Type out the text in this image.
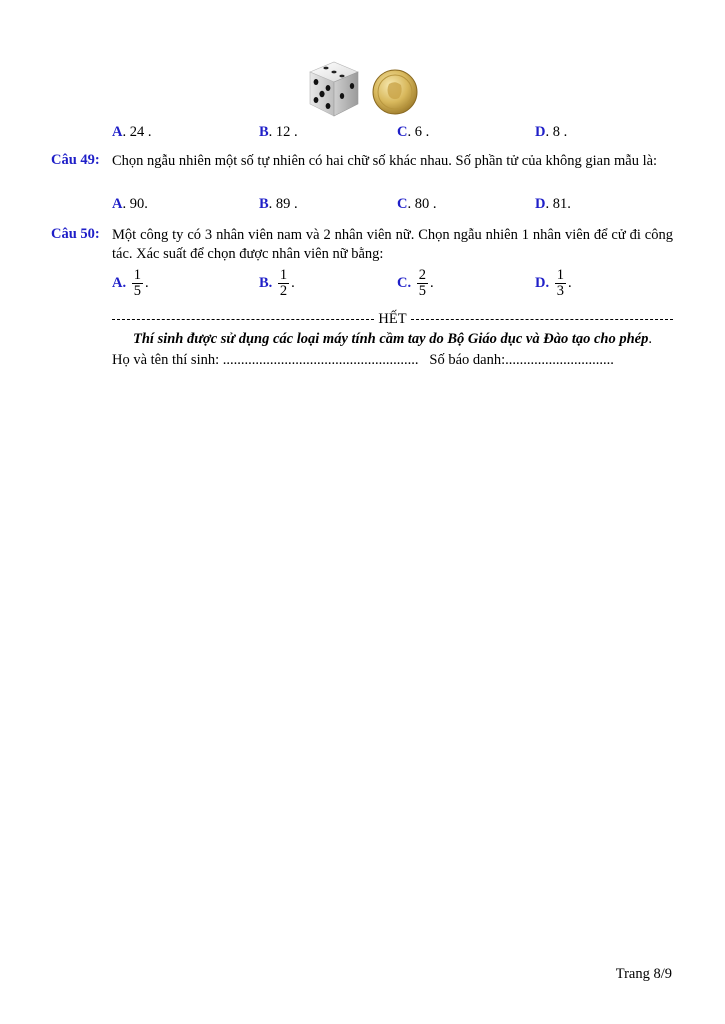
A. 24 .	B. 12 .	C. 6 .	D. 8 .
Câu 49: Chọn ngẫu nhiên một số tự nhiên có hai chữ số khác nhau. Số phần tử của không gian mẫu là:
A. 90.	B. 89 .	C. 80 .	D. 81.
Câu 50: Một công ty có 3 nhân viên nam và 2 nhân viên nữ. Chọn ngẫu nhiên 1 nhân viên để cử đi công tác. Xác suất để chọn được nhân viên nữ bằng:
A. $\frac{1}{5}$ .	B. $\frac{1}{2}$ .	C. $\frac{2}{5}$ .	D. $\frac{1}{3}$ .
HẾT
Thí sinh được sử dụng các loại máy tính cầm tay do Bộ Giáo dục và Đào tạo cho phép.
Họ và tên thí sinh: ...................................................... Số báo danh:..............................
Trang 8/9
